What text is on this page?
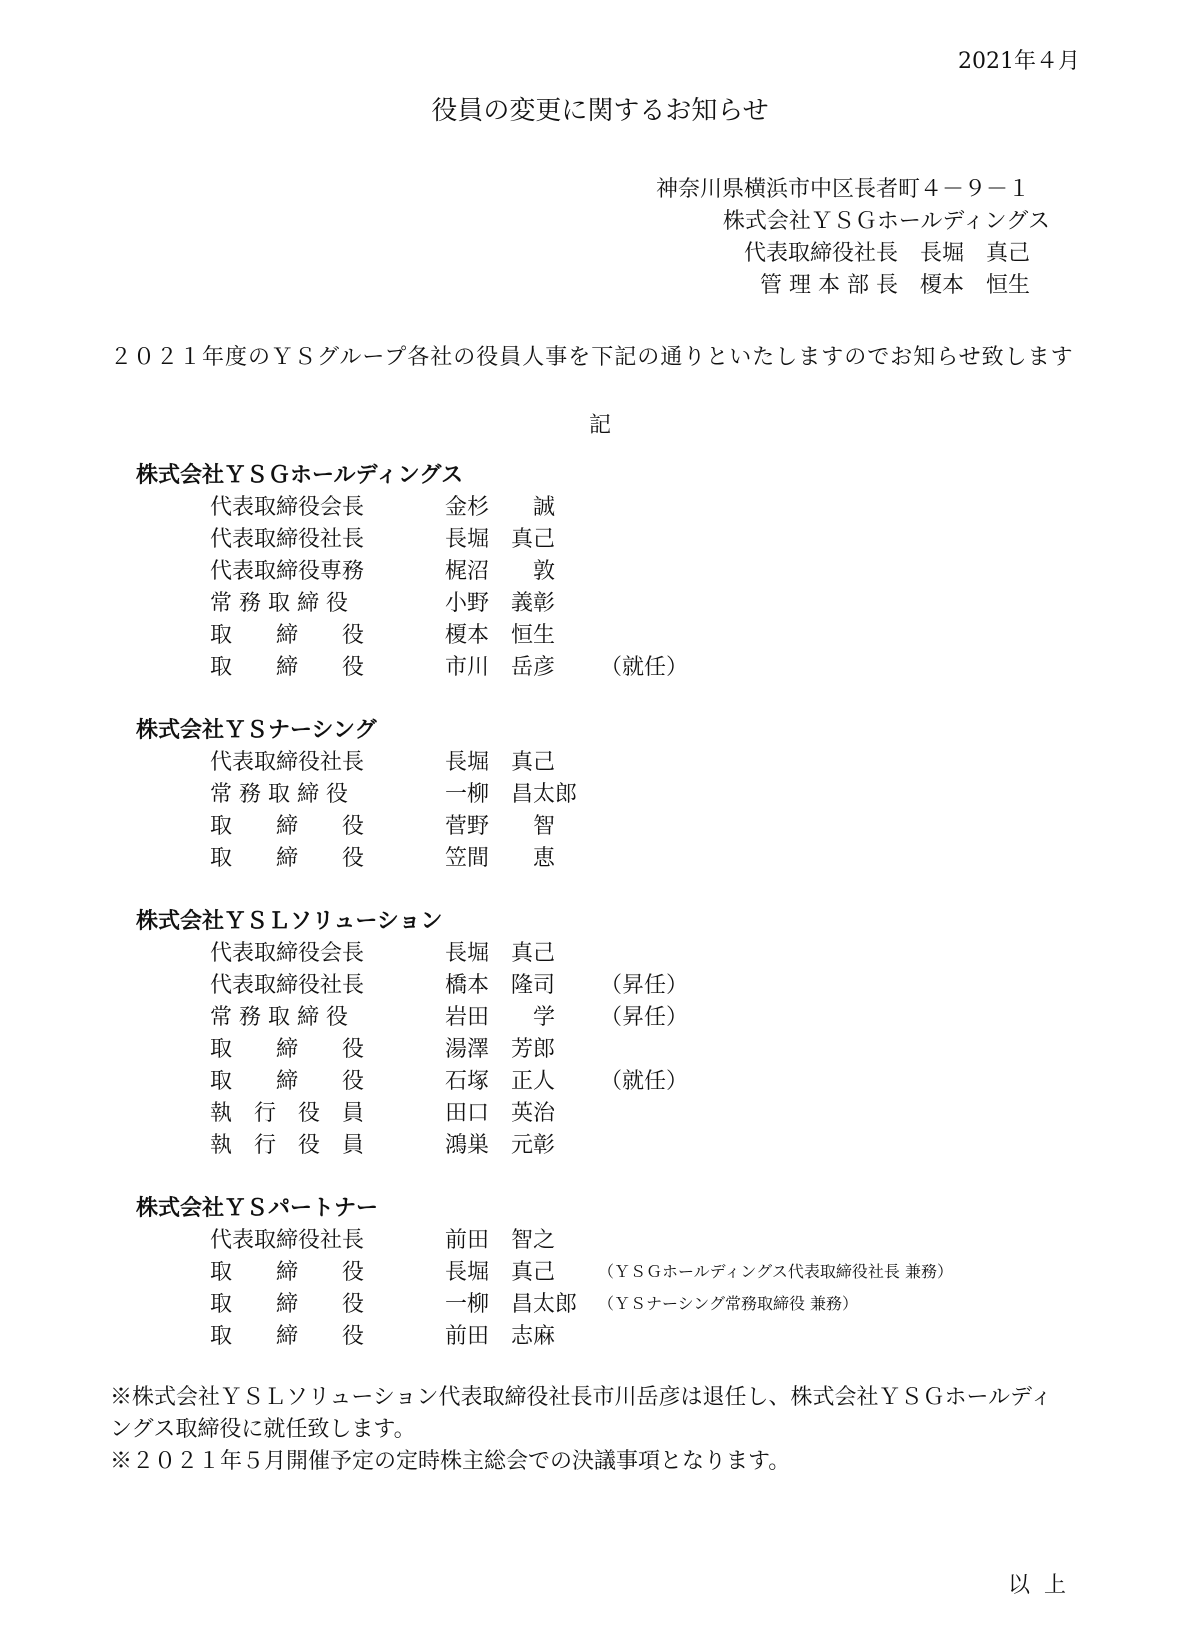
2021年４月
役員の変更に関するお知らせ
神奈川県横浜市中区長者町４－９－１
株式会社ＹＳＧホールディングス
代表取締役社長　長堀　真己
管 理 本 部 長　榎本　恒生
２０２１年度のＹＳグループ各社の役員人事を下記の通りといたしますのでお知らせ致します
記
株式会社ＹＳＧホールディングス
代表取締役会長	金杉　　誠
代表取締役社長	長堀　真己
代表取締役専務	梶沼　　敦
常 務 取 締 役	小野　義彰
取　　締　　役	榎本　恒生
取　　締　　役	市川　岳彦 （就任）
株式会社ＹＳナーシング
代表取締役社長	長堀　真己
常 務 取 締 役	一柳　昌太郎
取　　締　　役	菅野　　智
取　　締　　役	笠間　　恵
株式会社ＹＳＬソリューション
代表取締役会長	長堀　真己
代表取締役社長	橋本　隆司 （昇任）
常 務 取 締 役	岩田　　学 （昇任）
取　　締　　役	湯澤　芳郎
取　　締　　役	石塚　正人 （就任）
執　行　役　員	田口　英治
執　行　役　員	鴻巣　元彰
株式会社ＹＳパートナー
代表取締役社長	前田　智之
取　　締　　役	長堀　真己	（ＹＳＧホールディングス代表取締役社長 兼務）
取　　締　　役	一柳　昌太郎 （ＹＳナーシング常務取締役 兼務）
取　　締　　役	前田　志麻
※株式会社ＹＳＬソリューション代表取締役社長市川岳彦は退任し、株式会社ＹＳＧホールディ
ングス取締役に就任致します。
※２０２１年５月開催予定の定時株主総会での決議事項となります。
以上
